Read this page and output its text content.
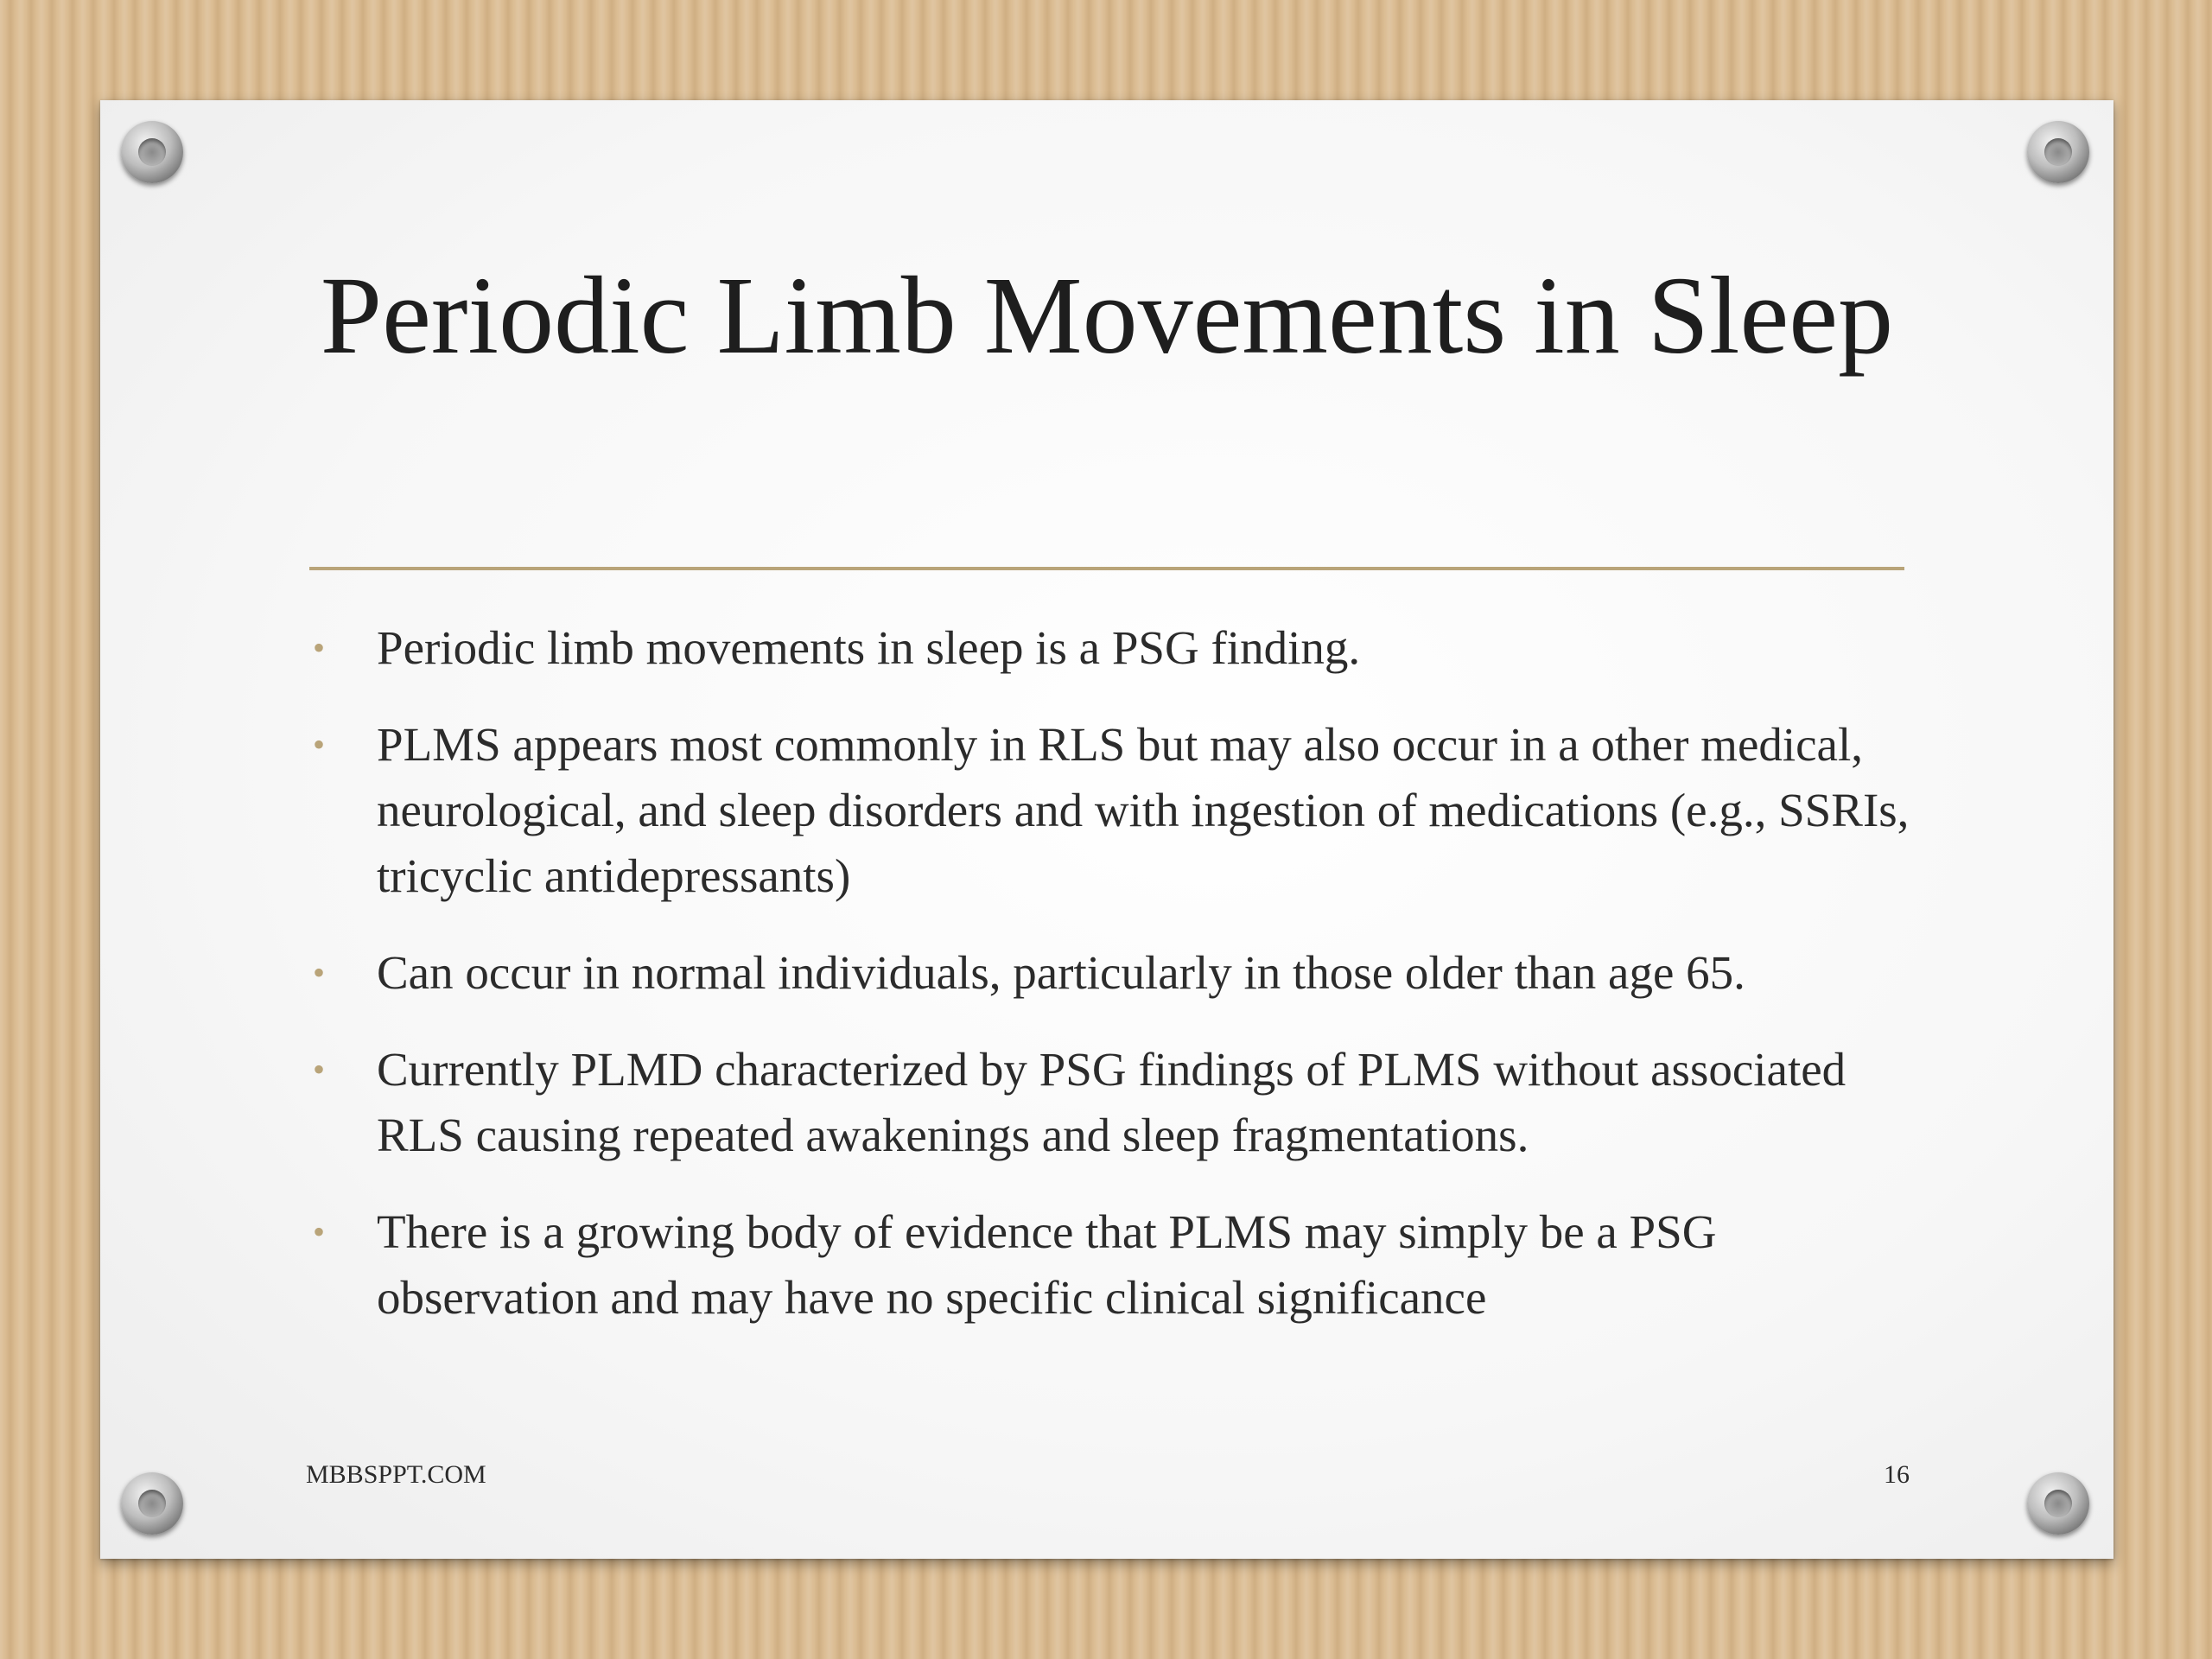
Periodic Limb Movements in Sleep
• Periodic limb movements in sleep is a PSG finding.
• PLMS appears most commonly in RLS but may also occur in a other medical, neurological, and sleep disorders and with ingestion of medications (e.g., SSRIs, tricyclic antidepressants)
• Can occur in normal individuals, particularly in those older than age 65.
• Currently PLMD characterized by PSG findings of PLMS without associated RLS causing repeated awakenings and sleep fragmentations.
• There is a growing body of evidence that PLMS may simply be a PSG observation and may have no specific clinical significance
MBBSPPT.COM	16
